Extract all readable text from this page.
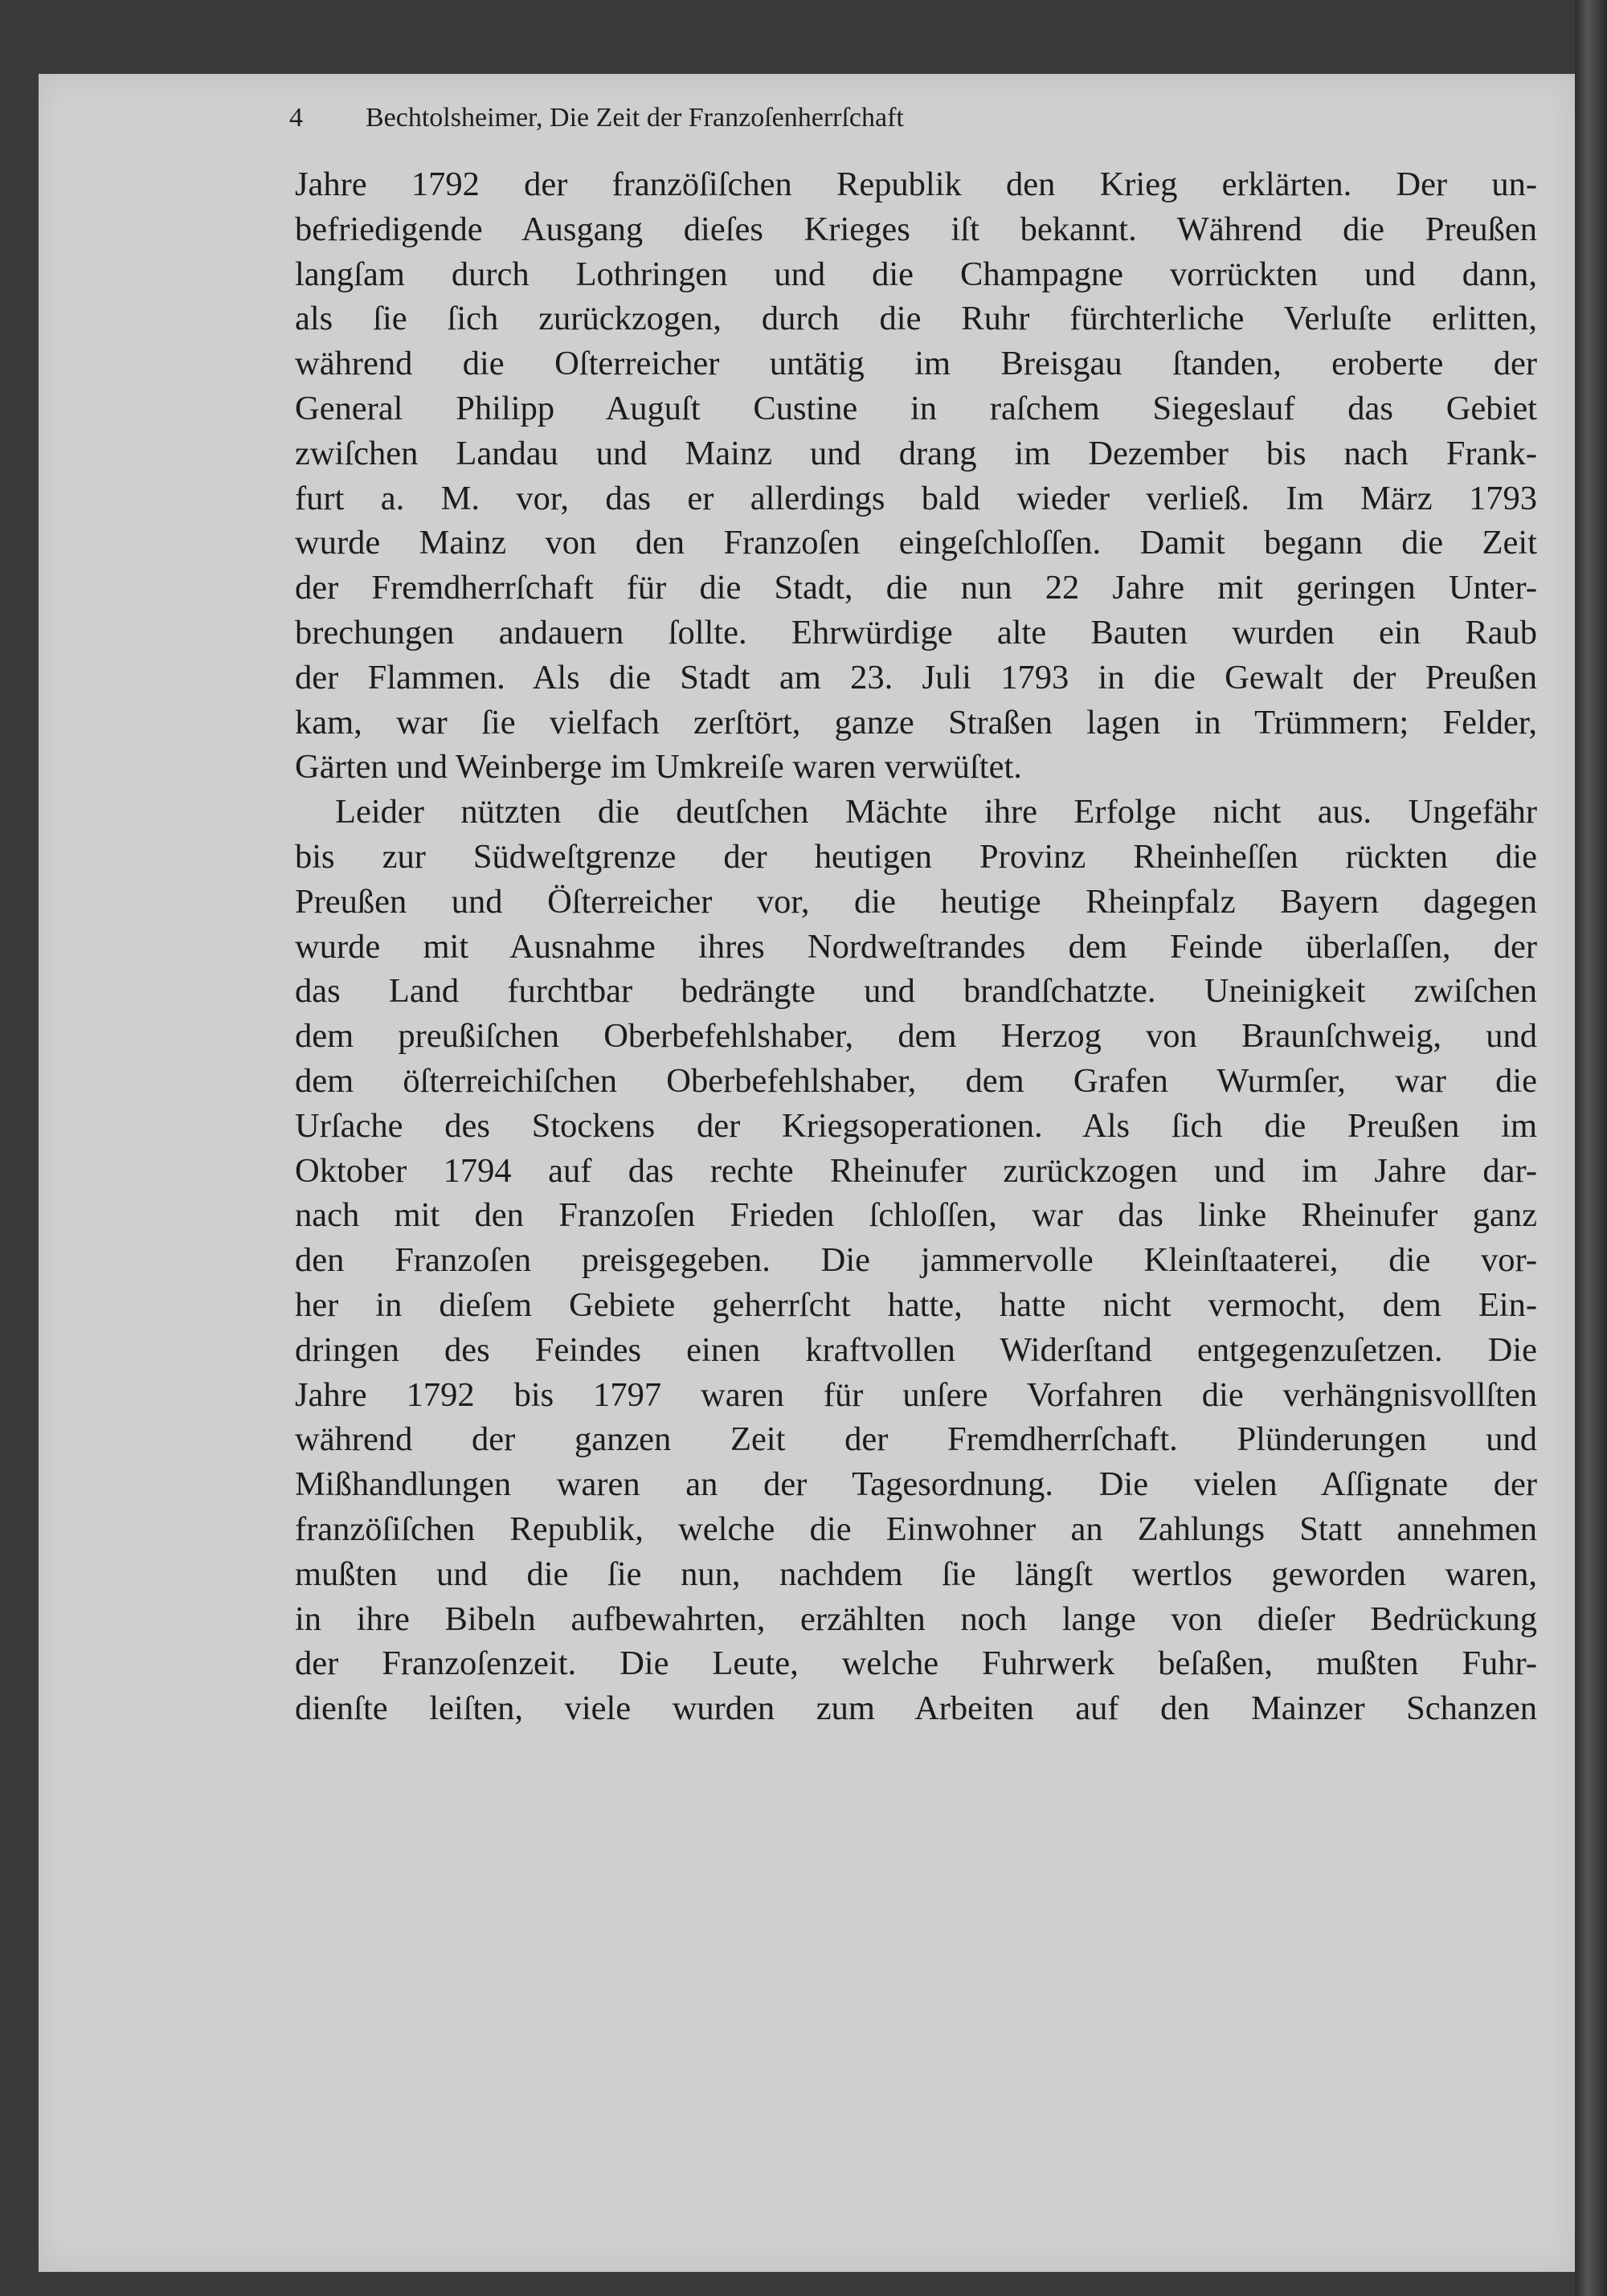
4 Bechtolsheimer, Die Zeit der Franzoſenherrſchaft
Jahre 1792 der franzöſiſchen Republik den Krieg erklärten. Der un-
befriedigende Ausgang dieſes Krieges iſt bekannt. Während die Preußen
langſam durch Lothringen und die Champagne vorrückten und dann,
als ſie ſich zurückzogen, durch die Ruhr fürchterliche Verluſte erlitten,
während die Oſterreicher untätig im Breisgau ſtanden, eroberte der
General Philipp Auguſt Custine in raſchem Siegeslauf das Gebiet
zwiſchen Landau und Mainz und drang im Dezember bis nach Frank-
furt a. M. vor, das er allerdings bald wieder verließ. Im März 1793
wurde Mainz von den Franzoſen eingeſchloſſen. Damit begann die Zeit
der Fremdherrſchaft für die Stadt, die nun 22 Jahre mit geringen Unter-
brechungen andauern ſollte. Ehrwürdige alte Bauten wurden ein Raub
der Flammen. Als die Stadt am 23. Juli 1793 in die Gewalt der Preußen
kam, war ſie vielfach zerſtört, ganze Straßen lagen in Trümmern; Felder,
Gärten und Weinberge im Umkreiſe waren verwüſtet.
Leider nützten die deutſchen Mächte ihre Erfolge nicht aus. Ungefähr
bis zur Südweſtgrenze der heutigen Provinz Rheinheſſen rückten die
Preußen und Öſterreicher vor, die heutige Rheinpfalz Bayern dagegen
wurde mit Ausnahme ihres Nordweſtrandes dem Feinde überlaſſen, der
das Land furchtbar bedrängte und brandſchatzte. Uneinigkeit zwiſchen
dem preußiſchen Oberbefehlshaber, dem Herzog von Braunſchweig, und
dem öſterreichiſchen Oberbefehlshaber, dem Grafen Wurmſer, war die
Urſache des Stockens der Kriegsoperationen. Als ſich die Preußen im
Oktober 1794 auf das rechte Rheinufer zurückzogen und im Jahre dar-
nach mit den Franzoſen Frieden ſchloſſen, war das linke Rheinufer ganz
den Franzoſen preisgegeben. Die jammervolle Kleinſtaaterei, die vor-
her in dieſem Gebiete geherrſcht hatte, hatte nicht vermocht, dem Ein-
dringen des Feindes einen kraftvollen Widerſtand entgegenzuſetzen. Die
Jahre 1792 bis 1797 waren für unſere Vorfahren die verhängnisvollſten
während der ganzen Zeit der Fremdherrſchaft. Plünderungen und
Mißhandlungen waren an der Tagesordnung. Die vielen Aſſignate der
franzöſiſchen Republik, welche die Einwohner an Zahlungs Statt annehmen
mußten und die ſie nun, nachdem ſie längſt wertlos geworden waren,
in ihre Bibeln aufbewahrten, erzählten noch lange von dieſer Bedrückung
der Franzoſenzeit. Die Leute, welche Fuhrwerk beſaßen, mußten Fuhr-
dienſte leiſten, viele wurden zum Arbeiten auf den Mainzer Schanzen
